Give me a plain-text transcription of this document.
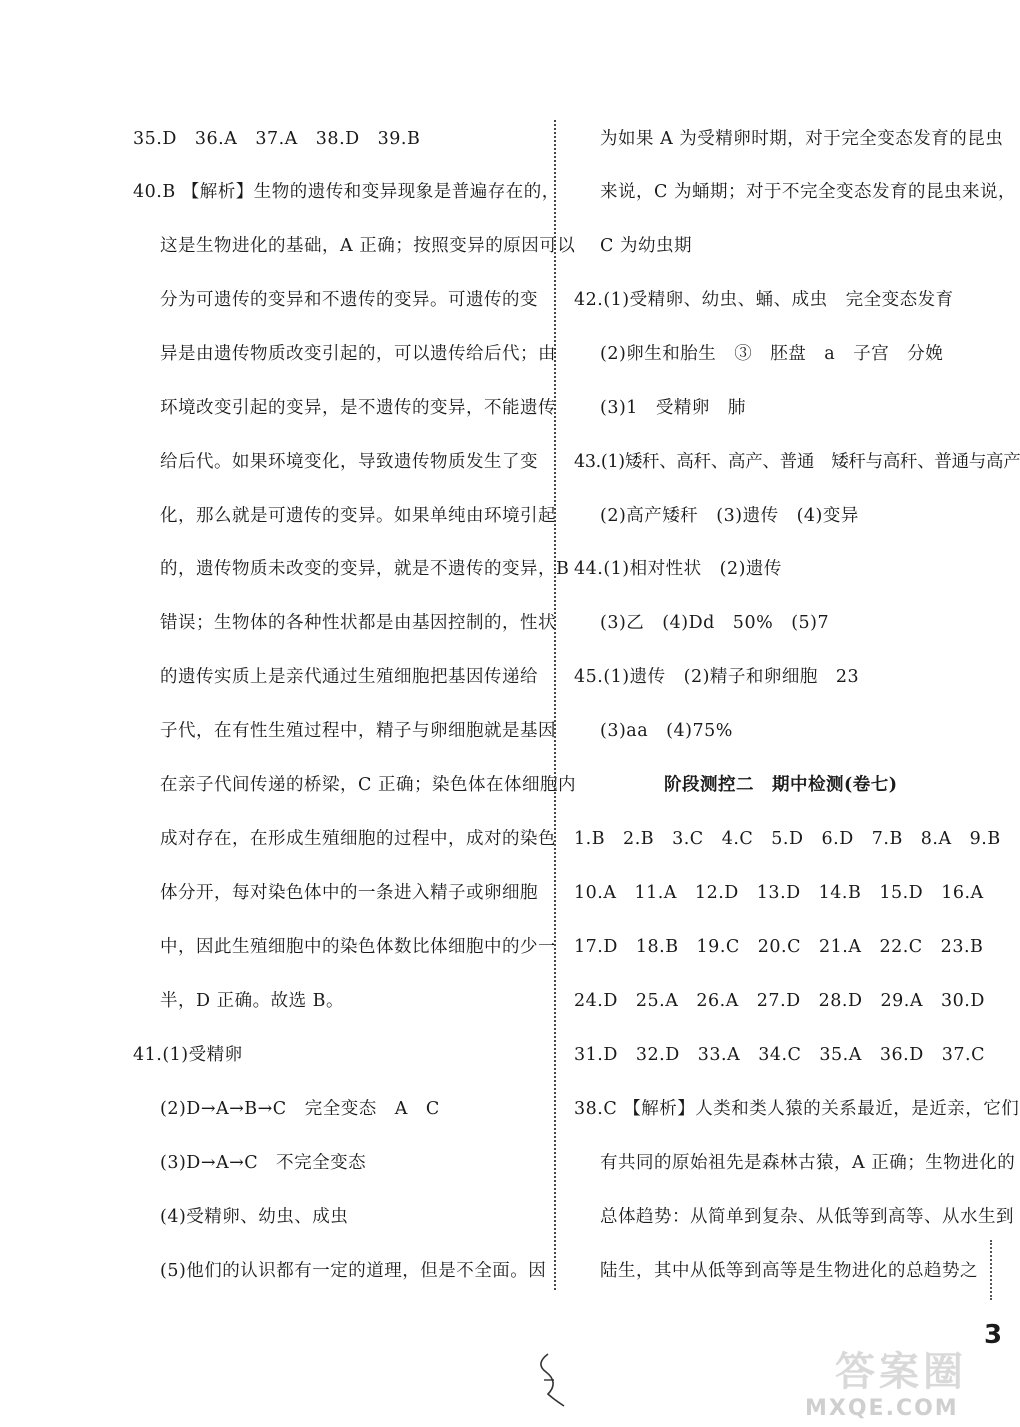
35.D　36.A　37.A　38.D　39.B
40.B 【解析】生物的遗传和变异现象是普遍存在的，
这是生物进化的基础，A 正确；按照变异的原因可以
分为可遗传的变异和不遗传的变异。可遗传的变
异是由遗传物质改变引起的，可以遗传给后代；由
环境改变引起的变异，是不遗传的变异，不能遗传
给后代。如果环境变化，导致遗传物质发生了变
化，那么就是可遗传的变异。如果单纯由环境引起
的，遗传物质未改变的变异，就是不遗传的变异，B
错误；生物体的各种性状都是由基因控制的，性状
的遗传实质上是亲代通过生殖细胞把基因传递给
子代，在有性生殖过程中，精子与卵细胞就是基因
在亲子代间传递的桥梁，C 正确；染色体在体细胞内
成对存在，在形成生殖细胞的过程中，成对的染色
体分开，每对染色体中的一条进入精子或卵细胞
中，因此生殖细胞中的染色体数比体细胞中的少一
半，D 正确。故选 B。
41.(1)受精卵
(2)D→A→B→C　完全变态　A　C
(3)D→A→C　不完全变态
(4)受精卵、幼虫、成虫
(5)他们的认识都有一定的道理，但是不全面。因
为如果 A 为受精卵时期，对于完全变态发育的昆虫
来说，C 为蛹期；对于不完全变态发育的昆虫来说，
C 为幼虫期
42.(1)受精卵、幼虫、蛹、成虫　完全变态发育
(2)卵生和胎生　③　胚盘　a　子宫　分娩
(3)1　受精卵　肺
43.(1)矮秆、高秆、高产、普通　矮秆与高秆、普通与高产
(2)高产矮秆　(3)遗传　(4)变异
44.(1)相对性状　(2)遗传
(3)乙　(4)Dd　50%　(5)7
45.(1)遗传　(2)精子和卵细胞　23
(3)aa　(4)75%
阶段测控二　期中检测(卷七)
1.B　2.B　3.C　4.C　5.D　6.D　7.B　8.A　9.B
10.A　11.A　12.D　13.D　14.B　15.D　16.A
17.D　18.B　19.C　20.C　21.A　22.C　23.B
24.D　25.A　26.A　27.D　28.D　29.A　30.D
31.D　32.D　33.A　34.C　35.A　36.D　37.C
38.C 【解析】人类和类人猿的关系最近，是近亲，它们
有共同的原始祖先是森林古猿，A 正确；生物进化的
总体趋势：从简单到复杂、从低等到高等、从水生到
陆生，其中从低等到高等是生物进化的总趋势之
3
答案圈
MXQE.COM
